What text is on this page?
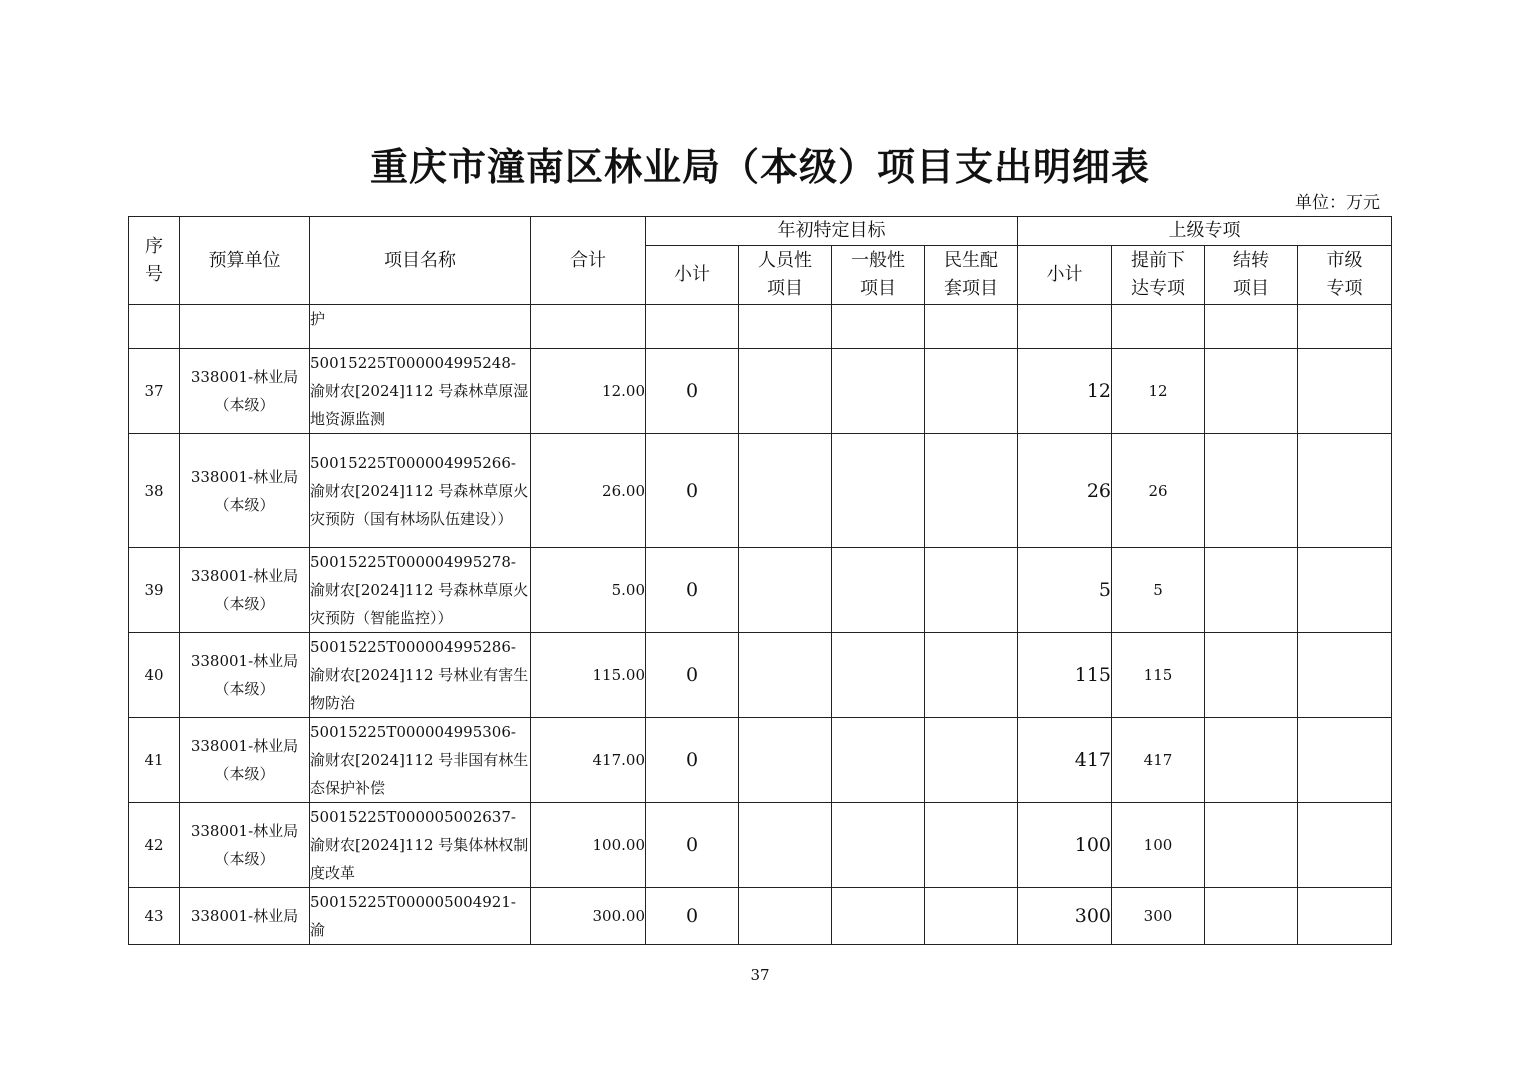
重庆市潼南区林业局（本级）项目支出明细表
单位：万元
序号	预算单位	项目名称	合计	年初特定目标				上级专项			
				小计	人员性项目	一般性项目	民生配套项目	小计	提前下达专项	结转项目	市级专项
		护									
37	338001-林业局（本级）	50015225T000004995248-渝财农[2024]112 号森林草原湿地资源监测	12.00	0				12	12		
38	338001-林业局（本级）	50015225T000004995266-渝财农[2024]112 号森林草原火灾预防（国有林场队伍建设））	26.00	0				26	26		
39	338001-林业局（本级）	50015225T000004995278-渝财农[2024]112 号森林草原火灾预防（智能监控））	5.00	0				5	5		
40	338001-林业局（本级）	50015225T000004995286-渝财农[2024]112 号林业有害生物防治	115.00	0				115	115		
41	338001-林业局（本级）	50015225T000004995306-渝财农[2024]112 号非国有林生态保护补偿	417.00	0				417	417		
42	338001-林业局（本级）	50015225T000005002637-渝财农[2024]112 号集体林权制度改革	100.00	0				100	100		
43	338001-林业局	50015225T000005004921-渝	300.00	0				300	300		
37
